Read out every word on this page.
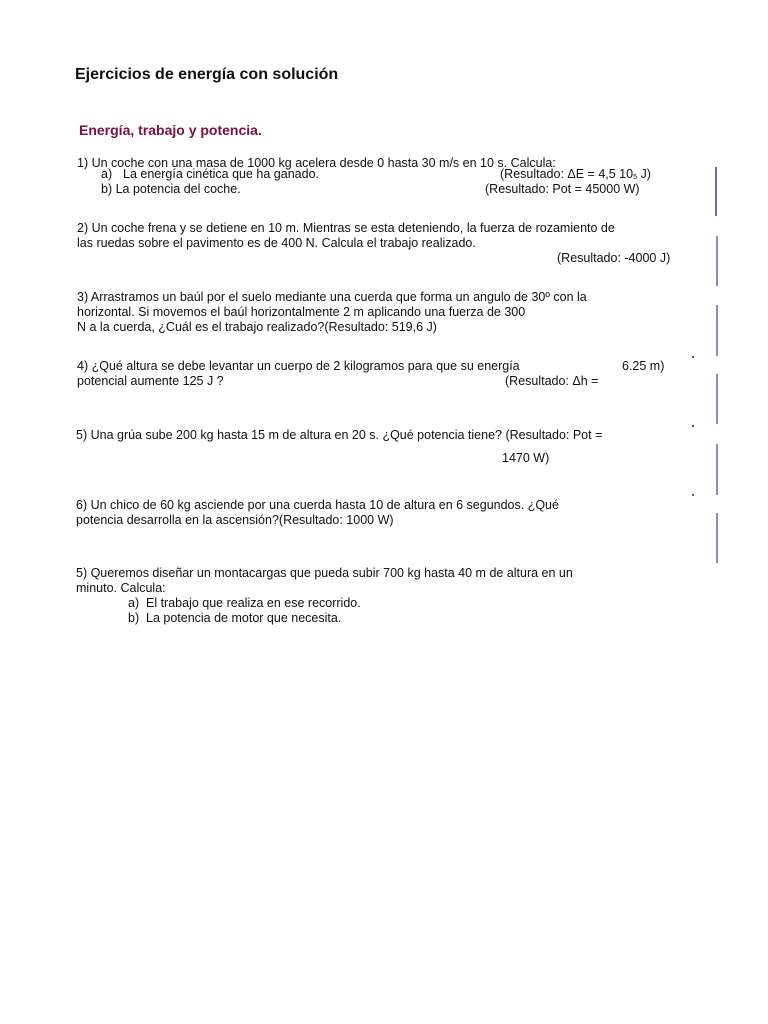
Ejercicios de energía con solución
Energía, trabajo y potencia.
1) Un coche con una masa de 1000 kg acelera desde 0 hasta 30 m/s en 10 s. Calcula:
a) La energía cinética que ha ganado.	(Resultado: ΔE = 4,5 105 J)
b) La potencia del coche.	(Resultado: Pot = 45000 W)
2) Un coche frena y se detiene en 10 m. Mientras se esta deteniendo, la fuerza de rozamiento de
las ruedas sobre el pavimento es de 400 N. Calcula el trabajo realizado.
(Resultado: -4000 J)
3) Arrastramos un baúl por el suelo mediante una cuerda que forma un angulo de 30º con la
horizontal. Si movemos el baúl horizontalmente 2 m aplicando una fuerza de 300
N a la cuerda, ¿Cuál es el trabajo realizado?(Resultado: 519,6 J)
4) ¿Qué altura se debe levantar un cuerpo de 2 kilogramos para que su energía	6.25 m)
potencial aumente 125 J ?	(Resultado: Δh =
5) Una grúa sube 200 kg hasta 15 m de altura en 20 s. ¿Qué potencia tiene? (Resultado: Pot =
1470 W)
6) Un chico de 60 kg asciende por una cuerda hasta 10 de altura en 6 segundos. ¿Qué
potencia desarrolla en la ascensión?(Resultado: 1000 W)
5) Queremos diseñar un montacargas que pueda subir 700 kg hasta 40 m de altura en un
minuto. Calcula:
a) El trabajo que realiza en ese recorrido.
b) La potencia de motor que necesita.
